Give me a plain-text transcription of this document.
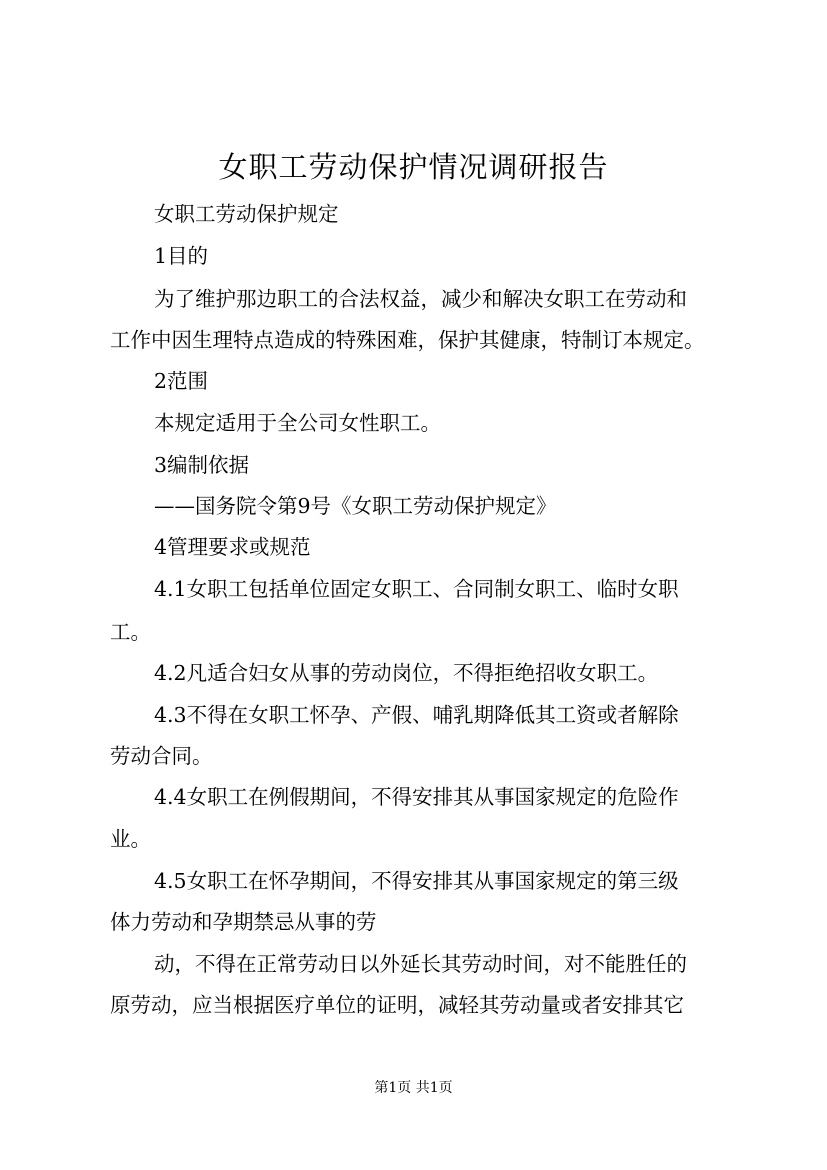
女职工劳动保护情况调研报告
女职工劳动保护规定
1目的
为了维护那边职工的合法权益，减少和解决女职工在劳动和
工作中因生理特点造成的特殊困难，保护其健康，特制订本规定。
2范围
本规定适用于全公司女性职工。
3编制依据
——国务院令第9号《女职工劳动保护规定》
4管理要求或规范
4.1女职工包括单位固定女职工、合同制女职工、临时女职
工。
4.2凡适合妇女从事的劳动岗位，不得拒绝招收女职工。
4.3不得在女职工怀孕、产假、哺乳期降低其工资或者解除
劳动合同。
4.4女职工在例假期间，不得安排其从事国家规定的危险作
业。
4.5女职工在怀孕期间，不得安排其从事国家规定的第三级
体力劳动和孕期禁忌从事的劳
动，不得在正常劳动日以外延长其劳动时间，对不能胜任的
原劳动，应当根据医疗单位的证明，减轻其劳动量或者安排其它
第1页 共1页
